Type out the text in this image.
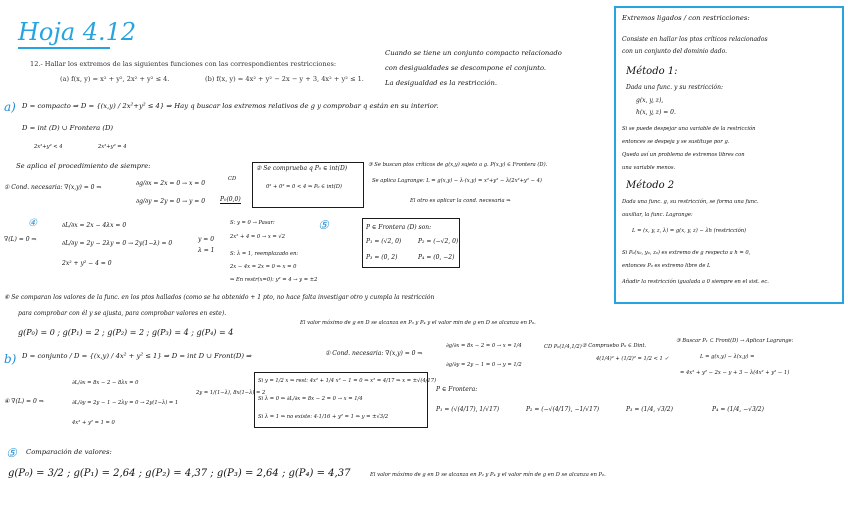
Hoja 4.12
12.- Hallar los extremos de las siguientes funciones con las correspondientes restricciones:
(a) f(x, y) = x² + y², 2x² + y² ≤ 4.	(b) f(x, y) = 4x² + y² − 2x − y + 3, 4x² + y² ≤ 1.
Cuando se tiene un conjunto compacto relacionado
con desigualdades se descompone el conjunto.
La desigualdad es la restricción.
a) D = compacto ⇒ D = {(x,y) / 2x²+y² ≤ 4} ⇒ Hay q buscar los extremos relativos de g y comprobar q están en su interior.
D = int (D) ∪ Frontera (D)
2x²+y² < 4	2x²+y² = 4
Se aplica el procedimiento de siempre:
① Cond. necesaria: ∇(x,y) = 0 ⇒
∂g/∂x = 2x = 0 → x = 0
∂g/∂y = 2y = 0 → y = 0
CD
P₀(0,0)
② Se comprueba q P₀ ∈ int(D)
0² + 0² = 0 < 4 ⇒ P₀ ∈ int(D)
③ Se buscan ptos críticos de g(x,y) sujeto a g. P(x,y) ∈ Frontera (D).
Se aplica Lagrange: L = g(x,y) − λ·(x,y) = x²+y² − λ(2x²+y² − 4)
El otro es aplicar la cond. necesaria ⇒
④
∇(L) = 0 ⇒
∂L/∂x = 2x − 4λx = 0
∂L/∂y = 2y − 2λy = 0 → 2y(1−λ) = 0
2x² + y² − 4 = 0
y = 0
λ = 1
S: y = 0 → Pasar:
2x² + 4 = 0 → x = √2
S: λ = 1, reemplazado en:
2x − 4x = 2x = 0 ⇒ x = 0
⇒ En restr(x=0): y² = 4 → y = ±2
⑤	P ∈ Frontera (D) son:
P₁ = (√2, 0)	P₂ = (−√2, 0)
P₃ = (0, 2)	P₄ = (0, −2)
⑥ Se comparan los valores de la func. en los ptos hallados (como se ha obtenido + 1 pto, no hace falta investigar otro y cumpla la restricción
para comprobar con él y se ajusta, para comprobar valores en este).
g(P₀) = 0 ; g(P₁) = 2 ; g(P₂) = 2 ; g(P₃) = 4 ; g(P₄) = 4
El valor máximo de g en D se alcanza en P₃ y P₄ y el valor min de g en D se alcanza en P₀.
b) D = conjunto / D = {(x,y) / 4x² + y² ≤ 1} ⇒ D = int D ∪ Front(D) ⇒	① Cond. necesaria: ∇(x,y) = 0 ⇒
∂g/∂x = 8x − 2 = 0 → x = 1/4
∂g/∂y = 2y − 1 = 0 → y = 1/2
CD P₀(1/4,1/2) ② Compruebo P₀ ∈ Dint.
4(1/4)² + (1/2)² = 1/2 < 1 ✓
③ Buscar P₁ ⊂ Front(D) → Aplicar Lagrange:
L = g(x,y) − λ(x,y) =
= 4x² + y² − 2x − y + 3 − λ(4x² + y² − 1)
④ ∇(L) = 0 ⇒
∂L/∂x = 8x − 2 − 8λx = 0
∂L/∂y = 2y − 1 − 2λy = 0 → 2y(1−λ) = 1
4x² + y² = 1 = 0
2y = 1/(1−λ), 8x(1−λ) = 2
Si y = 1/2 x ⇒ rest: 4x² + 1/4 x² − 1 = 0 ⇒ x² = 4/17 ⇒ x = ±√(4/17)
Si λ = 0 ⇒ ∂L/∂x = 8x − 2 = 0 → x = 1/4
Si λ = 1 ⇒ no existe: 4·1/16 + y² = 1 ⇒ y = ±√3/2
P ∈ Frontera:
P₁ = (√(4/17), 1/√17)	P₂ = (−√(4/17), −1/√17)	P₃ = (1/4, √3/2)	P₄ = (1/4, −√3/2)
⑤ Comparación de valores:
g(P₀) = 3/2 ; g(P₁) = 2,64 ; g(P₂) = 4,37 ; g(P₃) = 2,64 ; g(P₄) = 4,37	El valor máximo de g en D se alcanza en P₂ y P₄ y el valor mín de g en D se alcanza en P₀.
Extremos ligados / con restricciones:
Consiste en hallar los ptos críticos relacionados
con un conjunto del dominio dado.
Método 1:
Dada una func. y su restricción:
g(x, y, z),
h(x, y, z) = 0.
Si se puede despejar una variable de la restricción
entonces se despeja y se sustituye por g.
Queda así un problema de extremos libres con
una variable menos.
Método 2
Dada una func. g, su restricción, se forma una func.
auxiliar, la func. Lagrange:
L = (x, y, z, λ) = g(x, y, z) − λh (restricción)
Si P₀(x₀, y₀, z₀) es extremo de g respecto a h = 0,
entonces P₀ es extremo libre de L
Añadir la restricción igualada a 0 siempre en el sist. ec.
